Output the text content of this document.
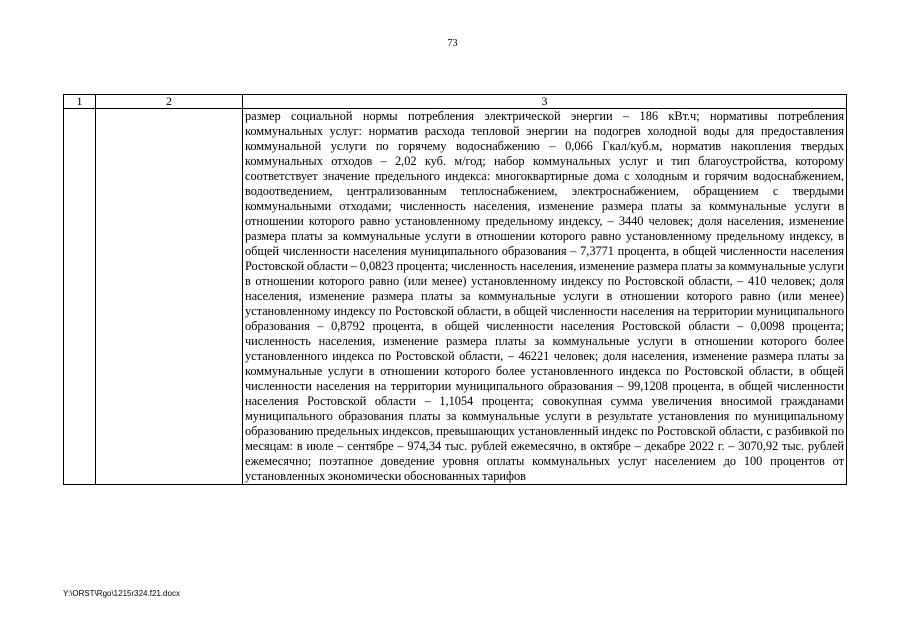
73
1	2	3

		размер социальной нормы потребления электрической энергии – 186 кВт.ч; нормативы потребления коммунальных услуг: норматив расхода тепловой энергии на подогрев холодной воды для предоставления коммунальной услуги по горячему водоснабжению – 0,066 Гкал/куб.м, норматив накопления твердых коммунальных отходов – 2,02 куб. м/год; набор коммунальных услуг и тип благоустройства, которому соответствует значение предельного индекса: многоквартирные дома с холодным и горячим водоснабжением, водоотведением, централизованным теплоснабжением, электроснабжением, обращением с твердыми коммунальными отходами; численность населения, изменение размера платы за коммунальные услуги в отношении которого равно установленному предельному индексу, – 3440 человек; доля населения, изменение размера платы за коммунальные услуги в отношении которого равно установленному предельному индексу, в общей численности населения муниципального образования – 7,3771 процента, в общей численности населения Ростовской области – 0,0823 процента; численность населения, изменение размера платы за коммунальные услуги в отношении которого равно (или менее) установленному индексу по Ростовской области, – 410 человек; доля населения, изменение размера платы за коммунальные услуги в отношении которого равно (или менее) установленному индексу по Ростовской области, в общей численности населения на территории муниципального образования – 0,8792 процента, в общей численности населения Ростовской области – 0,0098 процента; численность населения, изменение размера платы за коммунальные услуги в отношении которого более установленного индекса по Ростовской области, – 46221 человек; доля населения, изменение размера платы за коммунальные услуги в отношении которого более установленного индекса по Ростовской области, в общей численности населения на территории муниципального образования – 99,1208 процента, в общей численности населения Ростовской области – 1,1054 процента; совокупная сумма увеличения вносимой гражданами муниципального образования платы за коммунальные услуги в результате установления по муниципальному образованию предельных индексов, превышающих установленный индекс по Ростовской области, с разбивкой по месяцам: в июле – сентябре – 974,34 тыс. рублей ежемесячно, в октябре – декабре 2022 г. – 3070,92 тыс. рублей ежемесячно; поэтапное доведение уровня оплаты коммунальных услуг населением до 100 процентов от установленных экономически обоснованных тарифов
Y:\ORST\Rgo\1215r324.f21.docx
